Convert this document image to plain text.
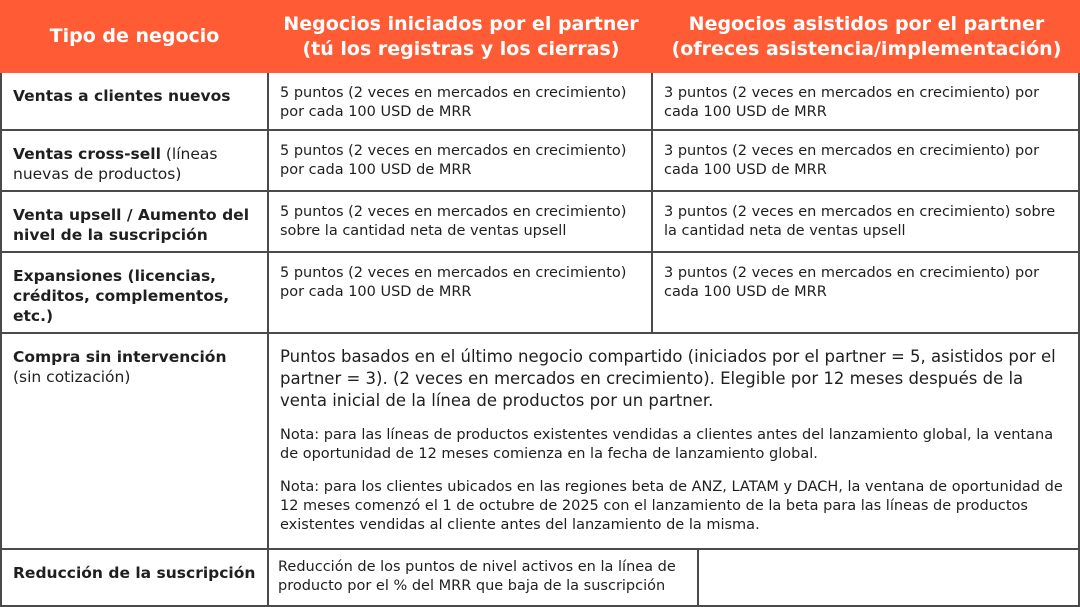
Tipo de negocio
Negocios iniciados por el partner
(tú los registras y los cierras)
Negocios asistidos por el partner
(ofreces asistencia/implementación)
Ventas a clientes nuevos	5 puntos (2 veces en mercados en crecimiento) por cada 100 USD de MRR
3 puntos (2 veces en mercados en crecimiento) por cada 100 USD de MRR
Ventas cross-sell (líneas nuevas de productos)
5 puntos (2 veces en mercados en crecimiento) por cada 100 USD de MRR
3 puntos (2 veces en mercados en crecimiento) por cada 100 USD de MRR
Venta upsell / Aumento del nivel de la suscripción
5 puntos (2 veces en mercados en crecimiento) sobre la cantidad neta de ventas upsell
3 puntos (2 veces en mercados en crecimiento) sobre la cantidad neta de ventas upsell
Expansiones (licencias, créditos, complementos, etc.)
5 puntos (2 veces en mercados en crecimiento) por cada 100 USD de MRR
3 puntos (2 veces en mercados en crecimiento) por cada 100 USD de MRR
Compra sin intervención (sin cotización)

Puntos basados en el último negocio compartido (iniciados por el partner = 5, asistidos por el partner = 3). (2 veces en mercados en crecimiento). Elegible por 12 meses después de la venta inicial de la línea de productos por un partner.

Nota: para las líneas de productos existentes vendidas a clientes antes del lanzamiento global, la ventana de oportunidad de 12 meses comienza en la fecha de lanzamiento global.

Nota: para los clientes ubicados en las regiones beta de ANZ, LATAM y DACH, la ventana de oportunidad de 12 meses comenzó el 1 de octubre de 2025 con el lanzamiento de la beta para las líneas de productos existentes vendidas al cliente antes del lanzamiento de la misma.

Reducción de la suscripción	Reducción de los puntos de nivel activos en la línea de producto por el % del MRR que baja de la suscripción
